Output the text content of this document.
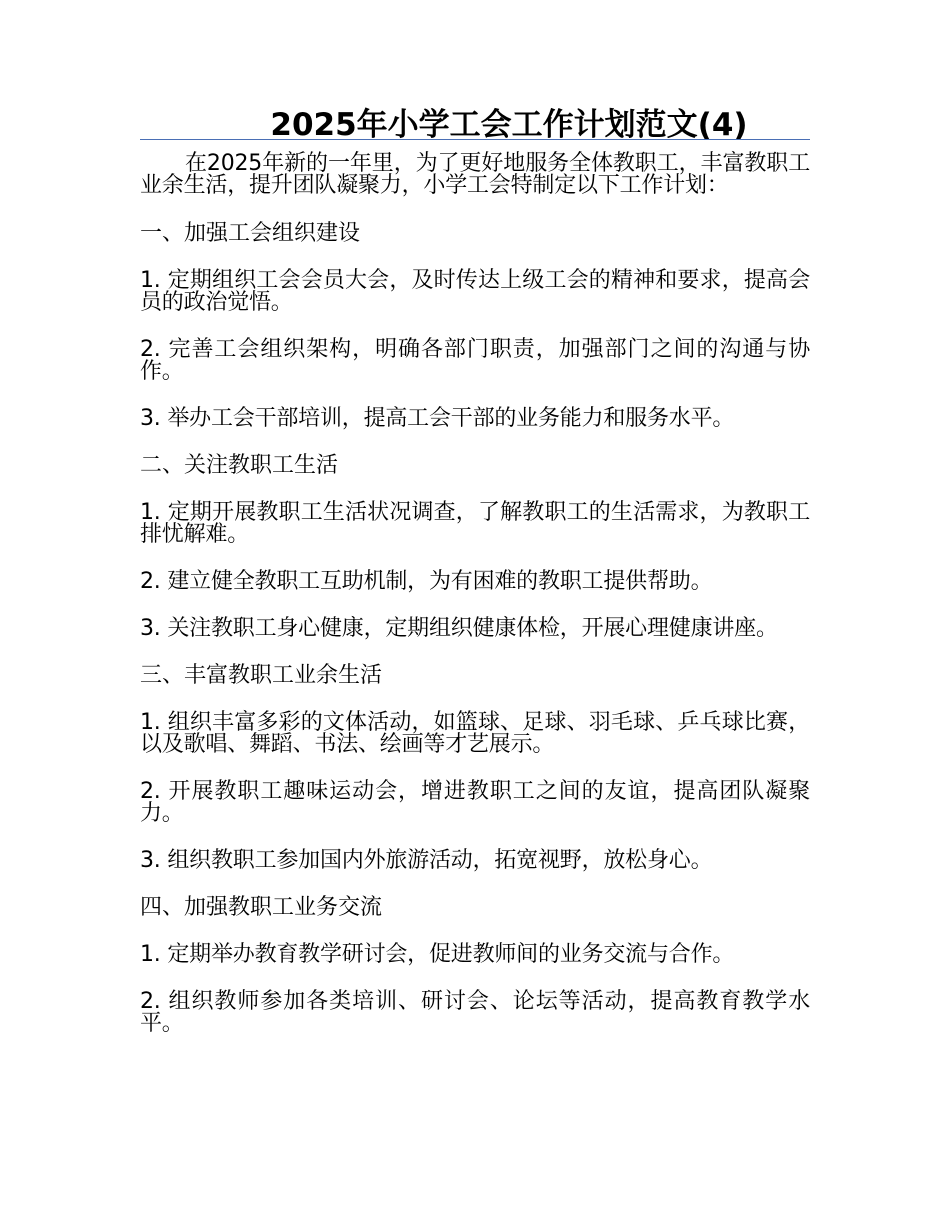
2025年小学工会工作计划范文(4)

在2025年新的一年里，为了更好地服务全体教职工，丰富教职工业余生活，提升团队凝聚力，小学工会特制定以下工作计划：

一、加强工会组织建设

1. 定期组织工会会员大会，及时传达上级工会的精神和要求，提高会员的政治觉悟。

2. 完善工会组织架构，明确各部门职责，加强部门之间的沟通与协作。

3. 举办工会干部培训，提高工会干部的业务能力和服务水平。

二、关注教职工生活

1. 定期开展教职工生活状况调查，了解教职工的生活需求，为教职工排忧解难。

2. 建立健全教职工互助机制，为有困难的教职工提供帮助。

3. 关注教职工身心健康，定期组织健康体检，开展心理健康讲座。

三、丰富教职工业余生活

1. 组织丰富多彩的文体活动，如篮球、足球、羽毛球、乒乓球比赛，以及歌唱、舞蹈、书法、绘画等才艺展示。

2. 开展教职工趣味运动会，增进教职工之间的友谊，提高团队凝聚力。

3. 组织教职工参加国内外旅游活动，拓宽视野，放松身心。

四、加强教职工业务交流

1. 定期举办教育教学研讨会，促进教师间的业务交流与合作。

2. 组织教师参加各类培训、研讨会、论坛等活动，提高教育教学水平。
